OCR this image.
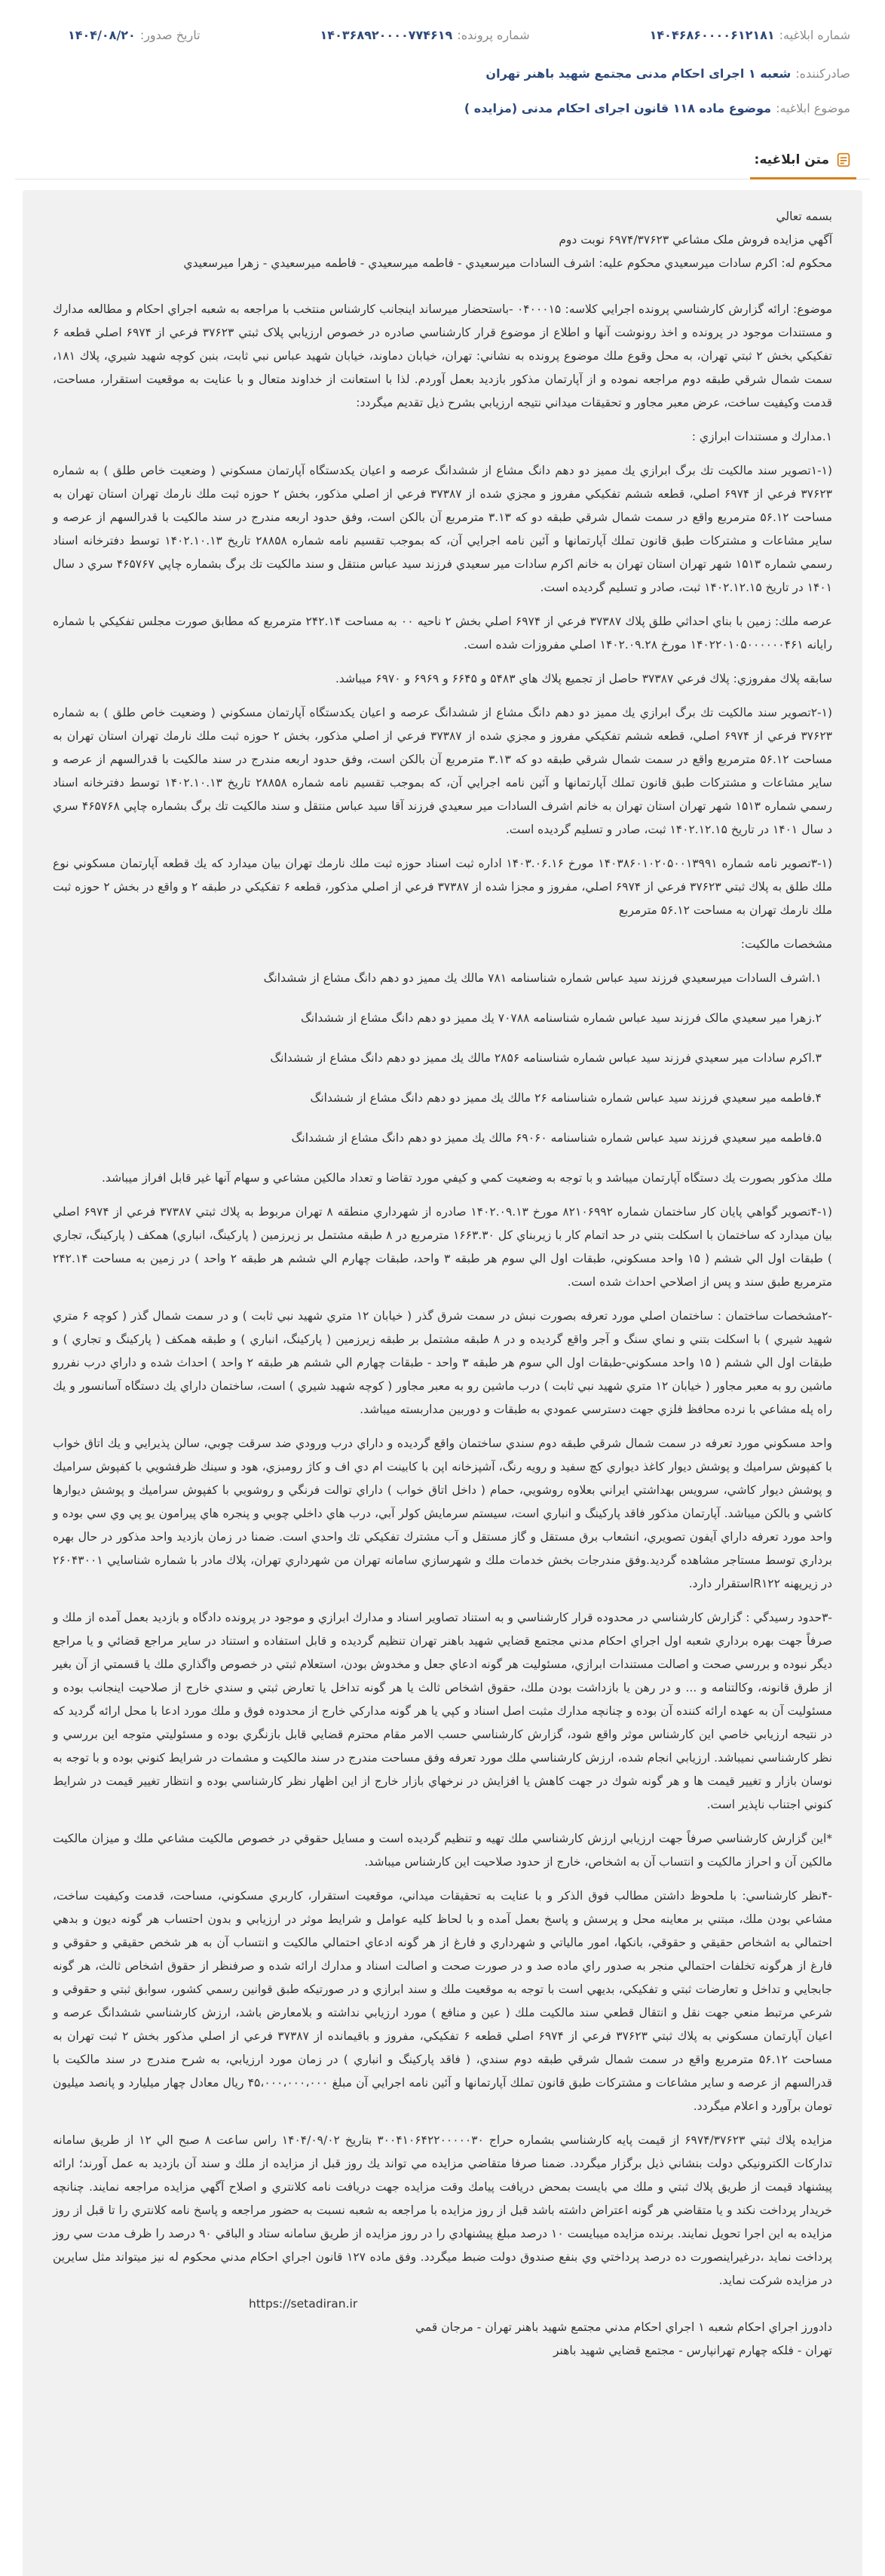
شماره ابلاغیه:۱۴۰۴۶۸۶۰۰۰۰۶۱۲۱۸۱
شماره پرونده:۱۴۰۳۶۸۹۲۰۰۰۰۷۷۴۶۱۹
تاریخ صدور:۱۴۰۴/۰۸/۲۰
صادرکننده:شعبه ۱ اجرای احکام مدنی مجتمع شهید باهنر تهران
موضوع ابلاغیه:موضوع ماده ۱۱۸ قانون اجرای احکام مدنی (مزایده )
متن ابلاغیه:

بسمه تعالي

آگهي مزايده فروش ملک مشاعي ۶۹۷۴/۳۷۶۲۳ نوبت دوم

محکوم له: اکرم سادات ميرسعيدي محکوم عليه: اشرف السادات ميرسعيدي - فاطمه ميرسعيدي - فاطمه ميرسعيدي - زهرا ميرسعيدي

موضوع: ارائه گزارش کارشناسي پرونده اجرايي کلاسه: ۰۴۰۰۰۱۵ -باستحضار ميرساند اينجانب کارشناس منتخب با مراجعه به شعبه اجراي احکام و مطالعه مدارك و مستندات موجود در پرونده و اخذ رونوشت آنها و اطلاع از موضوع قرار کارشناسي صادره در خصوص ارزيابي پلاک ثبتي ۳۷۶۲۳ فرعي از ۶۹۷۴ اصلي قطعه ۶ تفکيکي بخش ۲ ثبتي تهران، به محل وقوع ملك موضوع پرونده به نشاني: تهران، خيابان دماوند، خيابان شهيد عباس نبي ثابت، بنبن كوچه شهيد شيري، پلاك ۱۸۱، سمت شمال شرقي طبقه دوم مراجعه نموده و از آپارتمان مذكور بازديد بعمل آوردم. لذا با استعانت از خداوند متعال و با عنايت به موقعيت استقرار، مساحت، قدمت وكيفيت ساخت، عرض معبر مجاور و تحقيقات ميداني نتيجه ارزيابي بشرح ذيل تقديم ميگردد:

۱.مدارك و مستندات ابرازي :

(۱-۱تصوير سند مالكيت تك برگ ابرازي يك مميز دو دهم دانگ مشاع از ششدانگ عرصه و اعيان يکدستگاه آپارتمان مسکوني ( وضعيت خاص طلق ) به شماره ۳۷۶۲۳ فرعي از ۶۹۷۴ اصلي، قطعه ششم تفكيكي مفروز و مجزي شده از ۳۷۳۸۷ فرعي از اصلي مذكور، بخش ۲ حوزه ثبت ملك نارمك تهران استان تهران به مساحت ۵۶.۱۲ مترمربع واقع در سمت شمال شرقي طبقه دو كه ۳.۱۳ مترمربع آن بالكن است، وفق حدود اربعه مندرج در سند مالكيت با قدرالسهم از عرصه و ساير مشاعات و مشترکات طبق قانون تملك آپارتمانها و آئين نامه اجرايي آن، كه بموجب تقسيم نامه شماره ۲۸۸۵۸ تاريخ ۱۴۰۲.۱۰.۱۳ توسط دفترخانه اسناد رسمي شماره ۱۵۱۳ شهر تهران استان تهران به خانم اکرم سادات مير سعيدي فرزند سيد عباس منتقل و سند مالکيت تك برگ بشماره چاپي ۴۶۵۷۶۷ سري د سال ۱۴۰۱ در تاريخ ۱۴۰۲.۱۲.۱۵ ثبت، صادر و تسليم گرديده است.

عرصه ملك: زمين با بناي احداثي طلق پلاك ۳۷۳۸۷ فرعي از ۶۹۷۴ اصلي بخش ۲ ناحيه ۰۰ به مساحت ۲۴۲.۱۴ مترمربع كه مطابق صورت مجلس تفكيكي با شماره رايانه ۱۴۰۲۲۰۱۰۵۰۰۰۰۰۰۴۶۱ مورخ ۱۴۰۲.۰۹.۲۸ اصلي مفروزات شده است.

سابقه پلاك مفروزي: پلاك فرعي ۳۷۳۸۷ حاصل از تجميع پلاك هاي ۵۴۸۳ و ۶۶۴۵ و ۶۹۶۹ و ۶۹۷۰ ميباشد.

(۲-۱تصوير سند مالكيت تك برگ ابرازي يك مميز دو دهم دانگ مشاع از ششدانگ عرصه و اعيان يکدستگاه آپارتمان مسکوني ( وضعيت خاص طلق ) به شماره ۳۷۶۲۳ فرعي از ۶۹۷۴ اصلي، قطعه ششم تفكيكي مفروز و مجزي شده از ۳۷۳۸۷ فرعي از اصلي مذكور، بخش ۲ حوزه ثبت ملك نارمك تهران استان تهران به مساحت ۵۶.۱۲ مترمربع واقع در سمت شمال شرقي طبقه دو كه ۳.۱۳ مترمربع آن بالكن است، وفق حدود اربعه مندرج در سند مالكيت با قدرالسهم از عرصه و ساير مشاعات و مشترکات طبق قانون تملك آپارتمانها و آئين نامه اجرايي آن، كه بموجب تقسيم نامه شماره ۲۸۸۵۸ تاريخ ۱۴۰۲.۱۰.۱۳ توسط دفترخانه اسناد رسمي شماره ۱۵۱۳ شهر تهران استان تهران به خانم اشرف السادات مير سعيدي فرزند آقا سيد عباس منتقل و سند مالکيت تك برگ بشماره چاپي ۴۶۵۷۶۸ سري د سال ۱۴۰۱ در تاريخ ۱۴۰۲.۱۲.۱۵ ثبت، صادر و تسليم گرديده است.

(۳-۱تصوير نامه شماره ۱۴۰۳۸۶۰۱۰۲۰۵۰۰۱۳۹۹۱ مورخ ۱۴۰۳.۰۶.۱۶ اداره ثبت اسناد حوزه ثبت ملك نارمك تهران بيان ميدارد كه يك قطعه آپارتمان مسكوني نوع ملك طلق به پلاك ثبتي ۳۷۶۲۳ فرعي از ۶۹۷۴ اصلي، مفروز و مجزا شده از ۳۷۳۸۷ فرعي از اصلي مذكور، قطعه ۶ تفكيكي در طبقه ۲ و واقع در بخش ۲ حوزه ثبت ملك نارمك تهران به مساحت ۵۶.۱۲ مترمربع

مشخصات مالكيت:

۱.اشرف السادات ميرسعيدي فرزند سيد عباس شماره شناسنامه ۷۸۱ مالك يك مميز دو دهم دانگ مشاع از ششدانگ

۲.زهرا مير سعيدي مالک فرزند سيد عباس شماره شناسنامه ۷۰۷۸۸ يك مميز دو دهم دانگ مشاع از ششدانگ

۳.اكرم سادات مير سعيدي فرزند سيد عباس شماره شناسنامه ۲۸۵۶ مالك يك مميز دو دهم دانگ مشاع از ششدانگ

۴.فاطمه مير سعيدي فرزند سيد عباس شماره شناسنامه ۲۶ مالك يك مميز دو دهم دانگ مشاع از ششدانگ

۵.فاطمه مير سعيدي فرزند سيد عباس شماره شناسنامه ۶۹۰۶۰ مالك يك مميز دو دهم دانگ مشاع از ششدانگ

ملك مذكور بصورت يك دستگاه آپارتمان ميباشد و با توجه به وضعيت كمي و كيفي مورد تقاضا و تعداد مالكين مشاعي و سهام آنها غير قابل افراز ميباشد.

(۴-۱تصوير گواهي پايان كار ساختمان شماره ۸۲۱۰۶۹۹۲ مورخ ۱۴۰۲.۰۹.۱۳ صادره از شهرداري منطقه ۸ تهران مربوط به پلاك ثبتي ۳۷۳۸۷ فرعي از ۶۹۷۴ اصلي بيان ميدارد كه ساختمان با اسكلت بتني در حد اتمام كار با زيربناي كل ۱۶۶۳.۳۰ مترمربع در ۸ طبقه مشتمل بر زيرزمين ( پاركينگ، انباري) همكف ( پاركينگ، تجاري ) طبقات اول الي ششم ( ۱۵ واحد مسكوني، طبقات اول الي سوم هر طبقه ۳ واحد، طبقات چهارم الي ششم هر طبقه ۲ واحد ) در زمين به مساحت ۲۴۲.۱۴ مترمربع طبق سند و پس از اصلاحي احداث شده است.

-۲مشخصات ساختمان : ساختمان اصلي مورد تعرفه بصورت نبش در سمت شرق گذر ( خيابان ۱۲ متري شهيد نبي ثابت ) و در سمت شمال گذر ( كوچه ۶ متري شهيد شيري ) با اسكلت بتني و نماي سنگ و آجر واقع گرديده و در ۸ طبقه مشتمل بر طبقه زيرزمين ( پاركينگ، انباري ) و طبقه همكف ( پاركينگ و تجاري ) و طبقات اول الي ششم ( ۱۵ واحد مسكوني-طبقات اول الي سوم هر طبقه ۳ واحد - طبقات چهارم الي ششم هر طبقه ۲ واحد ) احداث شده و داراي درب نفررو ماشين رو به معبر مجاور ( خيابان ۱۲ متري شهيد نبي ثابت ) درب ماشين رو به معبر مجاور ( كوچه شهيد شيري ) است، ساختمان داراي يك دستگاه آسانسور و يك راه پله مشاعي با نرده محافظ فلزي جهت دسترسي عمودي به طبقات و دوربين مداربسته ميباشد.

واحد مسكوني مورد تعرفه در سمت شمال شرقي طبقه دوم سندي ساختمان واقع گرديده و داراي درب ورودي ضد سرقت چوبي، سالن پذيرايي و يك اتاق خواب با كفپوش سراميك و پوشش ديوار كاغذ ديواري كچ سفيد و رويه رنگ، آشپزخانه اپن با كابينت ام دي اف و كاژ رومبزي، هود و سينك ظرفشويي با كفپوش سراميك و پوشش ديوار كاشي، سرويس بهداشتي ايراني بعلاوه روشويي، حمام ( داخل اتاق خواب ) داراي توالت فرنگي و روشويي با كفپوش سراميك و پوشش ديوارها كاشي و بالكن ميباشد. آپارتمان مذكور فاقد پاركينگ و انباري است، سيستم سرمايش كولر آبي، درب هاي داخلي چوبي و پنجره هاي پيرامون يو پي وي سي بوده و واحد مورد تعرفه داراي آيفون تصويري، انشعاب برق مستقل و گاز مستقل و آب مشترك تفكيكي تك واحدي است. ضمنا در زمان بازديد واحد مذكور در حال بهره برداري توسط مستاجر مشاهده گرديد.وفق مندرجات بخش خدمات ملك و شهرسازي سامانه تهران من شهرداري تهران، پلاك مادر با شماره شناسايي ۲۶۰۴۳۰۰۱ در زيرپهنه R۱۲۲استقرار دارد.

-۳حدود رسيدگي : گزارش كارشناسي در محدوده قرار كارشناسي و به استناد تصاوير اسناد و مدارك ابرازي و موجود در پرونده دادگاه و بازديد بعمل آمده از ملك و صرفاً جهت بهره برداري شعبه اول اجراي احكام مدني مجتمع قضايي شهيد باهنر تهران تنظيم گرديده و قابل استفاده و استناد در ساير مراجع قضائي و يا مراجع ديگر نبوده و بررسي صحت و اصالت مستندات ابرازي، مسئوليت هر گونه ادعاي جعل و مخدوش بودن، استعلام ثبتي در خصوص واگذاري ملك يا قسمتي از آن بغير از طرق قانونه، وكالتنامه و ... و در رهن يا بازداشت بودن ملك، حقوق اشخاص ثالث يا هر گونه تداخل يا تعارض ثبتي و سندي خارج از صلاحيت اينجانب بوده و مسئوليت آن به عهده ارائه كننده آن بوده و چنانچه مدارك مثبت اصل اسناد و كپي يا هر گونه مداركي خارج از محدوده فوق و ملك مورد ادعا با محل ارائه گرديد كه در نتيجه ارزيابي خاصي اين كارشناس موثر واقع شود، گزارش كارشناسي حسب الامر مقام محترم قضايي قابل بازنگري بوده و مسئوليتي متوجه اين بررسي و نظر كارشناسي نميباشد. ارزيابي انجام شده، ارزش كارشناسي ملك مورد تعرفه وفق مساحت مندرج در سند مالكيت و مشمات در شرايط كنوني بوده و با توجه به نوسان بازار و تغيير قيمت ها و هر گونه شوك در جهت كاهش يا افزايش در نرخهاي بازار خارج از اين اظهار نظر كارشناسي بوده و انتظار تغيير قيمت در شرايط كنوني اجتناب ناپذير است.

*اين گزارش كارشناسي صرفاً جهت ارزيابي ارزش كارشناسي ملك تهيه و تنظيم گرديده است و مسايل حقوقي در خصوص مالكيت مشاعي ملك و ميزان مالكيت مالكين آن و احراز مالكيت و انتساب آن به اشخاص، خارج از حدود صلاحيت اين كارشناس ميباشد.

-۴نظر كارشناسي: با ملحوظ داشتن مطالب فوق الذكر و با عنايت به تحقيقات ميداني، موقعيت استقرار، كاربري مسكوني، مساحت، قدمت وكيفيت ساخت، مشاعي بودن ملك، مبتني بر معاينه محل و پرسش و پاسخ بعمل آمده و با لحاظ كليه عوامل و شرايط موثر در ارزيابي و بدون احتساب هر گونه ديون و بدهي احتمالي به اشخاص حقيقي و حقوقي، بانكها، امور مالياتي و شهرداري و فارغ از هر گونه ادعاي احتمالي مالكيت و انتساب آن به هر شخص حقيقي و حقوقي و فارغ از هرگونه تخلفات احتمالي منجر به صدور راي ماده صد و در صورت صحت و اصالت اسناد و مدارك ارائه شده و صرفنظر از حقوق اشخاص ثالث، هر گونه جابجايي و تداخل و تعارضات ثبتي و تفكيكي، بديهي است با توجه به موقعيت ملك و سند ابرازي و در صورتيكه طبق قوانين رسمي كشور، سوابق ثبتي و حقوقي و شرعي مرتبط منعي جهت نقل و انتقال قطعي سند مالكيت ملك ( عين و منافع ) مورد ارزيابي نداشته و بلامعارض باشد، ارزش كارشناسي ششدانگ عرصه و اعيان آپارتمان مسكوني به پلاك ثبتي ۳۷۶۲۳ فرعي از ۶۹۷۴ اصلي قطعه ۶ تفكيكي، مفروز و باقيمانده از ۳۷۳۸۷ فرعي از اصلي مذكور بخش ۲ ثبت تهران به مساحت ۵۶.۱۲ مترمربع واقع در سمت شمال شرقي طبقه دوم سندي، ( فاقد پاركينگ و انباري ) در زمان مورد ارزيابي، به شرح مندرج در سند مالكيت با قدرالسهم از عرصه و ساير مشاعات و مشترکات طبق قانون تملك آپارتمانها و آئين نامه اجرايي آن مبلغ ۴۵،۰۰۰،۰۰۰،۰۰۰ ريال معادل چهار ميليارد و پانصد ميليون تومان برآورد و اعلام ميگردد.

مزايده پلاك ثبتي ۶۹۷۴/۳۷۶۲۳ از قيمت پايه كارشناسي بشماره حراج ۳۰۰۴۱۰۶۴۲۲۰۰۰۰۰۳۰ بتاريخ ۱۴۰۴/۰۹/۰۲ راس ساعت ۸ صبح الي ۱۲ از طريق سامانه تداركات الكترونيكي دولت بنشاني ذيل برگزار ميگردد. ضمنا صرفا متقاضي مزايده مي تواند يك روز قبل از مزايده از ملك و سند آن بازديد به عمل آورند؛ ارائه پيشنهاد قيمت از طريق پلاك ثبتي و ملك مي بايست بمحض دريافت پيامك وقت مزايده جهت دريافت نامه كلانتري و اصلاح آگهي مزايده مراجعه نمايند. چنانچه خريدار پرداخت نكند و يا متقاضي هر گونه اعتراض داشته باشد قبل از روز مزايده با مراجعه به شعبه نسبت به حضور مراجعه و پاسخ نامه كلانتري را تا قبل از روز مزايده به اين اجرا تحويل نمايند. برنده مزايده ميبايست ۱۰ درصد مبلغ پيشنهادي را در روز مزايده از طريق سامانه ستاد و الباقي ۹۰ درصد را ظرف مدت سي روز پرداخت نمايد ،درغيراينصورت ده درصد پرداختي وي بنفع صندوق دولت ضبط ميگردد. وفق ماده ۱۲۷ قانون اجراي احكام مدني محكوم له نيز ميتواند مثل سايرين در مزايده شركت نمايد.

https://setadiran.ir

دادورز اجراي احكام شعبه ۱ اجراي احكام مدني مجتمع شهيد باهنر تهران - مرجان قمي

تهران - فلكه چهارم تهرانپارس - مجتمع قضايي شهيد باهنر
